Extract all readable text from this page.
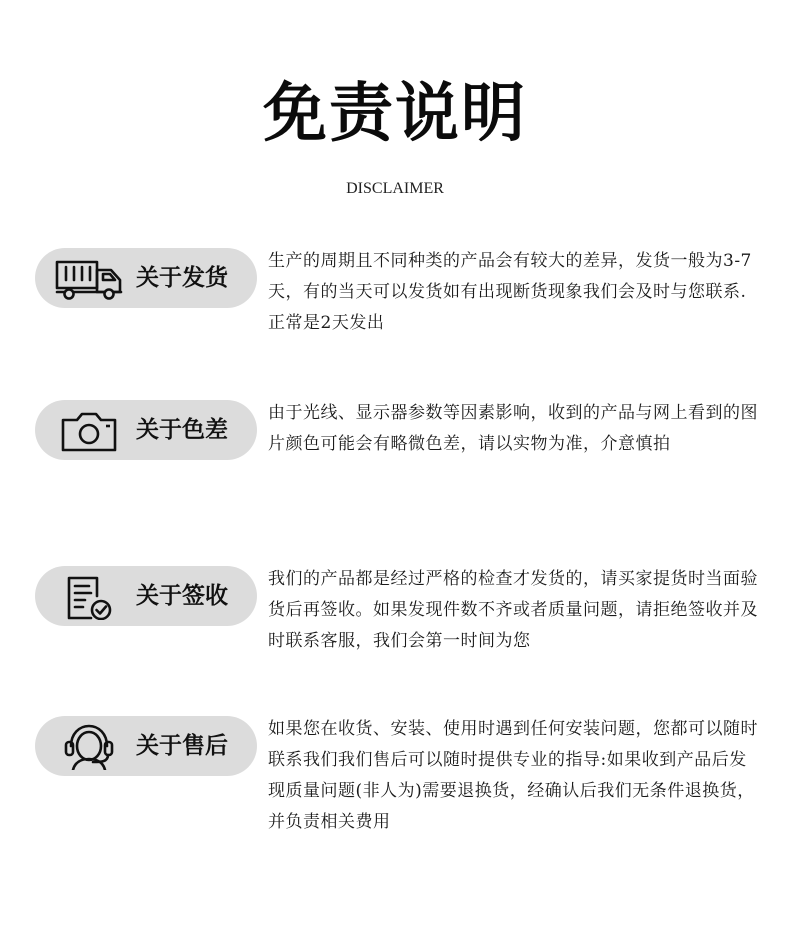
免责说明
DISCLAIMER
关于发货
生产的周期且不同种类的产品会有较大的差异，发货一般为3-7天，有的当天可以发货如有出现断货现象我们会及时与您联系.正常是2天发出
关于色差
由于光线、显示器参数等因素影响，收到的产品与网上看到的图片颜色可能会有略微色差，请以实物为准，介意慎拍
关于签收
我们的产品都是经过严格的检查才发货的，请买家提货时当面验货后再签收。如果发现件数不齐或者质量问题，请拒绝签收并及时联系客服，我们会第一时间为您
关于售后
如果您在收货、安装、使用时遇到任何安装问题，您都可以随时联系我们我们售后可以随时提供专业的指导:如果收到产品后发现质量问题(非人为)需要退换货，经确认后我们无条件退换货，并负责相关费用
